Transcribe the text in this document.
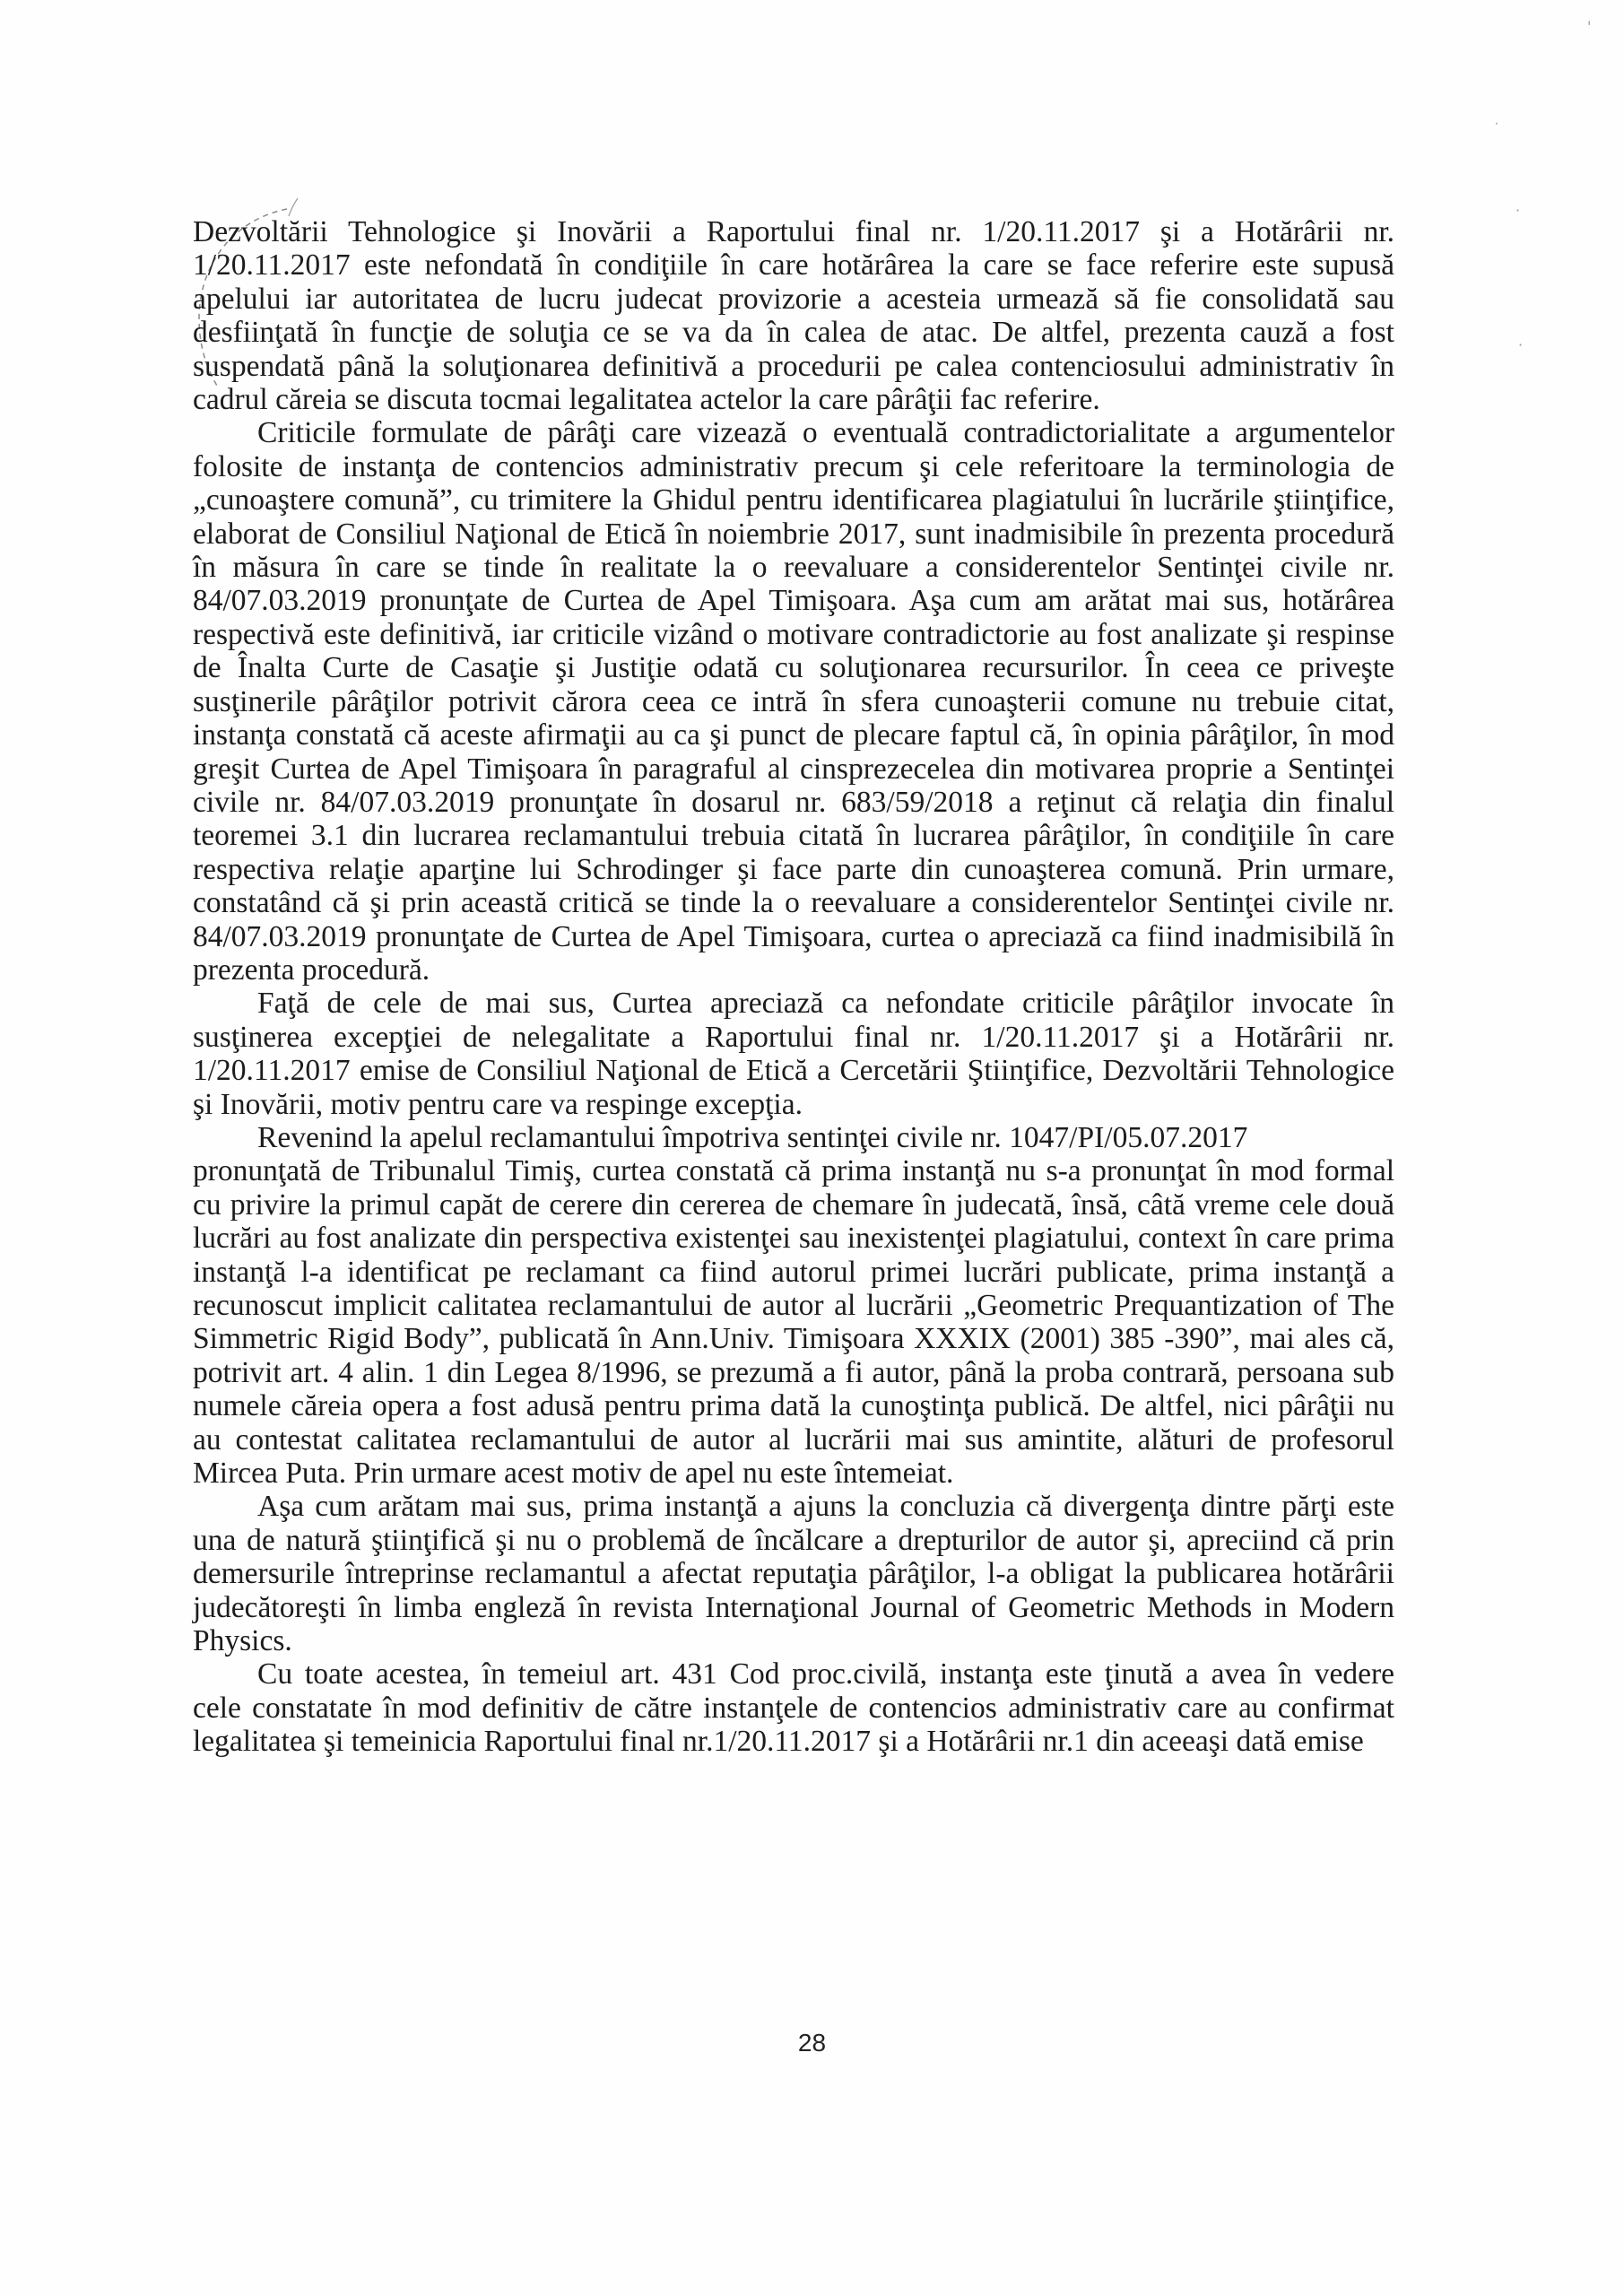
·
˙
·
'

Dezvoltării Tehnologice şi Inovării a Raportului final nr. 1/20.11.2017 şi a Hotărârii nr.
1/20.11.2017 este nefondată în condiţiile în care hotărârea la care se face referire este supusă
apelului iar autoritatea de lucru judecat provizorie a acesteia urmează să fie consolidată sau
desfiinţată în funcţie de soluţia ce se va da în calea de atac. De altfel, prezenta cauză a fost
suspendată până la soluţionarea definitivă a procedurii pe calea contenciosului administrativ în
cadrul căreia se discuta tocmai legalitatea actelor la care pârâţii fac referire.

Criticile formulate de pârâţi care vizează o eventuală contradictorialitate a argumentelor
folosite de instanţa de contencios administrativ precum şi cele referitoare la terminologia de
„cunoaştere comună”, cu trimitere la Ghidul pentru identificarea plagiatului în lucrările ştiinţifice,
elaborat de Consiliul Naţional de Etică în noiembrie 2017, sunt inadmisibile în prezenta procedură
în măsura în care se tinde în realitate la o reevaluare a considerentelor Sentinţei civile nr.
84/07.03.2019 pronunţate de Curtea de Apel Timişoara. Aşa cum am arătat mai sus, hotărârea
respectivă este definitivă, iar criticile vizând o motivare contradictorie au fost analizate şi respinse
de Înalta Curte de Casaţie şi Justiţie odată cu soluţionarea recursurilor. În ceea ce priveşte
susţinerile pârâţilor potrivit cărora ceea ce intră în sfera cunoaşterii comune nu trebuie citat,
instanţa constată că aceste afirmaţii au ca şi punct de plecare faptul că, în opinia pârâţilor, în mod
greşit Curtea de Apel Timişoara în paragraful al cinsprezecelea din motivarea proprie a Sentinţei
civile nr. 84/07.03.2019 pronunţate în dosarul nr. 683/59/2018 a reţinut că relaţia din finalul
teoremei 3.1 din lucrarea reclamantului trebuia citată în lucrarea pârâţilor, în condiţiile în care
respectiva relaţie aparţine lui Schrodinger şi face parte din cunoaşterea comună. Prin urmare,
constatând că şi prin această critică se tinde la o reevaluare a considerentelor Sentinţei civile nr.
84/07.03.2019 pronunţate de Curtea de Apel Timişoara, curtea o apreciază ca fiind inadmisibilă în
prezenta procedură.

Faţă de cele de mai sus, Curtea apreciază ca nefondate criticile pârâţilor invocate în
susţinerea excepţiei de nelegalitate a Raportului final nr. 1/20.11.2017 şi a Hotărârii nr.
1/20.11.2017 emise de Consiliul Naţional de Etică a Cercetării Ştiinţifice, Dezvoltării Tehnologice
şi Inovării, motiv pentru care va respinge excepţia.

Revenind la apelul reclamantului împotriva sentinţei civile nr. 1047/PI/05.07.2017
pronunţată de Tribunalul Timiş, curtea constată că prima instanţă nu s-a pronunţat în mod formal
cu privire la primul capăt de cerere din cererea de chemare în judecată, însă, câtă vreme cele două
lucrări au fost analizate din perspectiva existenţei sau inexistenţei plagiatului, context în care prima
instanţă l-a identificat pe reclamant ca fiind autorul primei lucrări publicate, prima instanţă a
recunoscut implicit calitatea reclamantului de autor al lucrării „Geometric Prequantization of The
Simmetric Rigid Body”, publicată în Ann.Univ. Timişoara XXXIX (2001) 385 -390”, mai ales că,
potrivit art. 4 alin. 1 din Legea 8/1996, se prezumă a fi autor, până la proba contrară, persoana sub
numele căreia opera a fost adusă pentru prima dată la cunoştinţa publică. De altfel, nici pârâţii nu
au contestat calitatea reclamantului de autor al lucrării mai sus amintite, alături de profesorul
Mircea Puta. Prin urmare acest motiv de apel nu este întemeiat.

Aşa cum arătam mai sus, prima instanţă a ajuns la concluzia că divergenţa dintre părţi este
una de natură ştiinţifică şi nu o problemă de încălcare a drepturilor de autor şi, apreciind că prin
demersurile întreprinse reclamantul a afectat reputaţia pârâţilor, l-a obligat la publicarea hotărârii
judecătoreşti în limba engleză în revista Internaţional Journal of Geometric Methods in Modern
Physics.

Cu toate acestea, în temeiul art. 431 Cod proc.civilă, instanţa este ţinută a avea în vedere
cele constatate în mod definitiv de către instanţele de contencios administrativ care au confirmat
legalitatea şi temeinicia Raportului final nr.1/20.11.2017 şi a Hotărârii nr.1 din aceeaşi dată emise

28
